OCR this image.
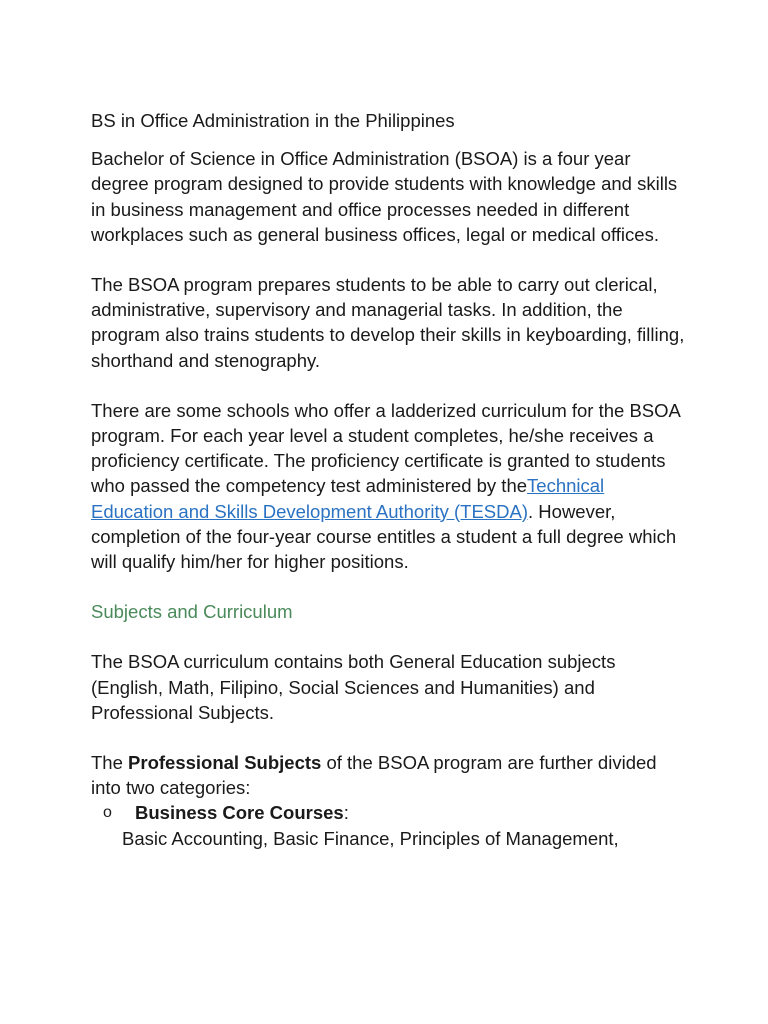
BS in Office Administration in the Philippines

Bachelor of Science in Office Administration (BSOA) is a four year degree program designed to provide students with knowledge and skills in business management and office processes needed in different workplaces such as general business offices, legal or medical offices.

The BSOA program prepares students to be able to carry out clerical, administrative, supervisory and managerial tasks. In addition, the program also trains students to develop their skills in keyboarding, filling, shorthand and stenography.

There are some schools who offer a ladderized curriculum for the BSOA program. For each year level a student completes, he/she receives a proficiency certificate. The proficiency certificate is granted to students who passed the competency test administered by theTechnical Education and Skills Development Authority (TESDA). However, completion of the four-year course entitles a student a full degree which will qualify him/her for higher positions.

Subjects and Curriculum

The BSOA curriculum contains both General Education subjects (English, Math, Filipino, Social Sciences and Humanities) and Professional Subjects.

The Professional Subjects of the BSOA program are further divided into two categories:

o Business Core Courses:
Basic Accounting, Basic Finance, Principles of Management,
